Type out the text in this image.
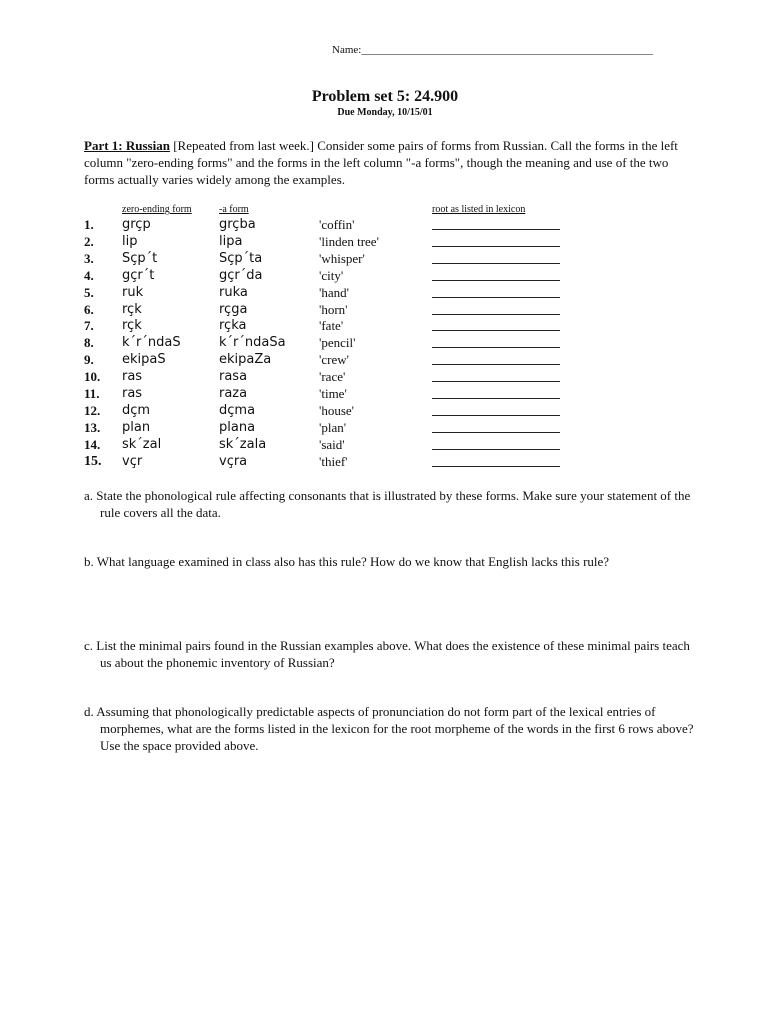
Name:_____________________________________________________
Problem set 5: 24.900
Due Monday, 10/15/01
Part 1: Russian [Repeated from last week.] Consider some pairs of forms from Russian. Call the forms in the left column "zero-ending forms" and the forms in the left column "-a forms", though the meaning and use of the two forms actually varies widely among the examples.
zero-ending form	-a form	root as listed in lexicon
1. grçp	grçba	'coffin'
2. lip	lipa	'linden tree'
3. Sçp´t	Sçp´ta	'whisper'
4. gçr´t	gçr´da	'city'
5. ruk	ruka	'hand'
6. rçk	rçga	'horn'
7. rçk	rçka	'fate'
8. k´r´ndaS	k´r´ndaSa	'pencil'
9. ekipaS	ekipaZa	'crew'
10. ras	rasa	'race'
11. ras	raza	'time'
12. dçm	dçma	'house'
13. plan	plana	'plan'
14. sk´zal	sk´zala	'said'
15. vçr	vçra	'thief'
a. State the phonological rule affecting consonants that is illustrated by these forms. Make sure your statement of the rule covers all the data.
b. What language examined in class also has this rule? How do we know that English lacks this rule?
c. List the minimal pairs found in the Russian examples above. What does the existence of these minimal pairs teach us about the phonemic inventory of Russian?
d. Assuming that phonologically predictable aspects of pronunciation do not form part of the lexical entries of morphemes, what are the forms listed in the lexicon for the root morpheme of the words in the first 6 rows above? Use the space provided above.
